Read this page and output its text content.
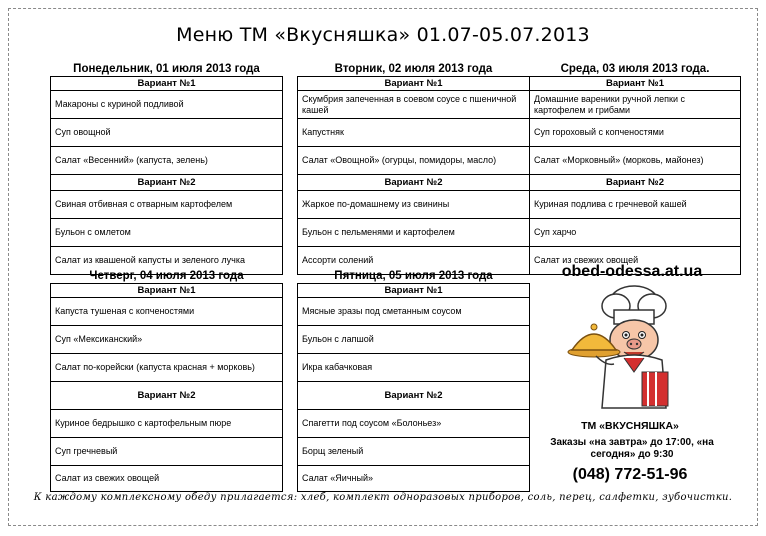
Меню ТМ «Вкусняшка» 01.07-05.07.2013
Понедельник, 01 июля 2013 года
Вариант №1
Макароны с куриной подливой
Суп овощной
Салат «Весенний» (капуста, зелень)
Вариант №2
Свиная отбивная с отварным картофелем
Бульон с омлетом
Салат из квашеной капусты и зеленого лучка
Вторник, 02 июля 2013 года
Вариант №1
Скумбрия запеченная в соевом соусе с пшеничной кашей
Капустняк
Салат «Овощной» (огурцы, помидоры, масло)
Вариант №2
Жаркое по-домашнему из свинины
Бульон с пельменями и картофелем
Ассорти солений
Среда, 03 июля 2013 года.
Вариант №1
Домашние вареники ручной лепки с картофелем и грибами
Суп гороховый с копченостями
Салат «Морковный» (морковь, майонез)
Вариант №2
Куриная подлива с гречневой кашей
Суп харчо
Салат из свежих овощей
Четверг, 04 июля 2013 года
Вариант №1
Капуста тушеная с копченостями
Суп «Мексиканский»
Салат по-корейски (капуста красная + морковь)
Вариант №2
Куриное бедрышко с картофельным пюре
Суп гречневый
Салат из свежих овощей
Пятница, 05 июля 2013 года
Вариант №1
Мясные зразы под сметанным соусом
Бульон с лапшой
Икра кабачковая
Вариант №2
Спагетти под соусом «Болоньез»
Борщ зеленый
Салат «Яичный»
obed-odessa.at.ua
ТМ «ВКУСНЯШКА»
Заказы «на завтра» до 17:00, «на сегодня» до 9:30
(048) 772-51-96
К каждому комплексному обеду прилагается: хлеб, комплект одноразовых приборов, соль, перец, салфетки, зубочистки.
